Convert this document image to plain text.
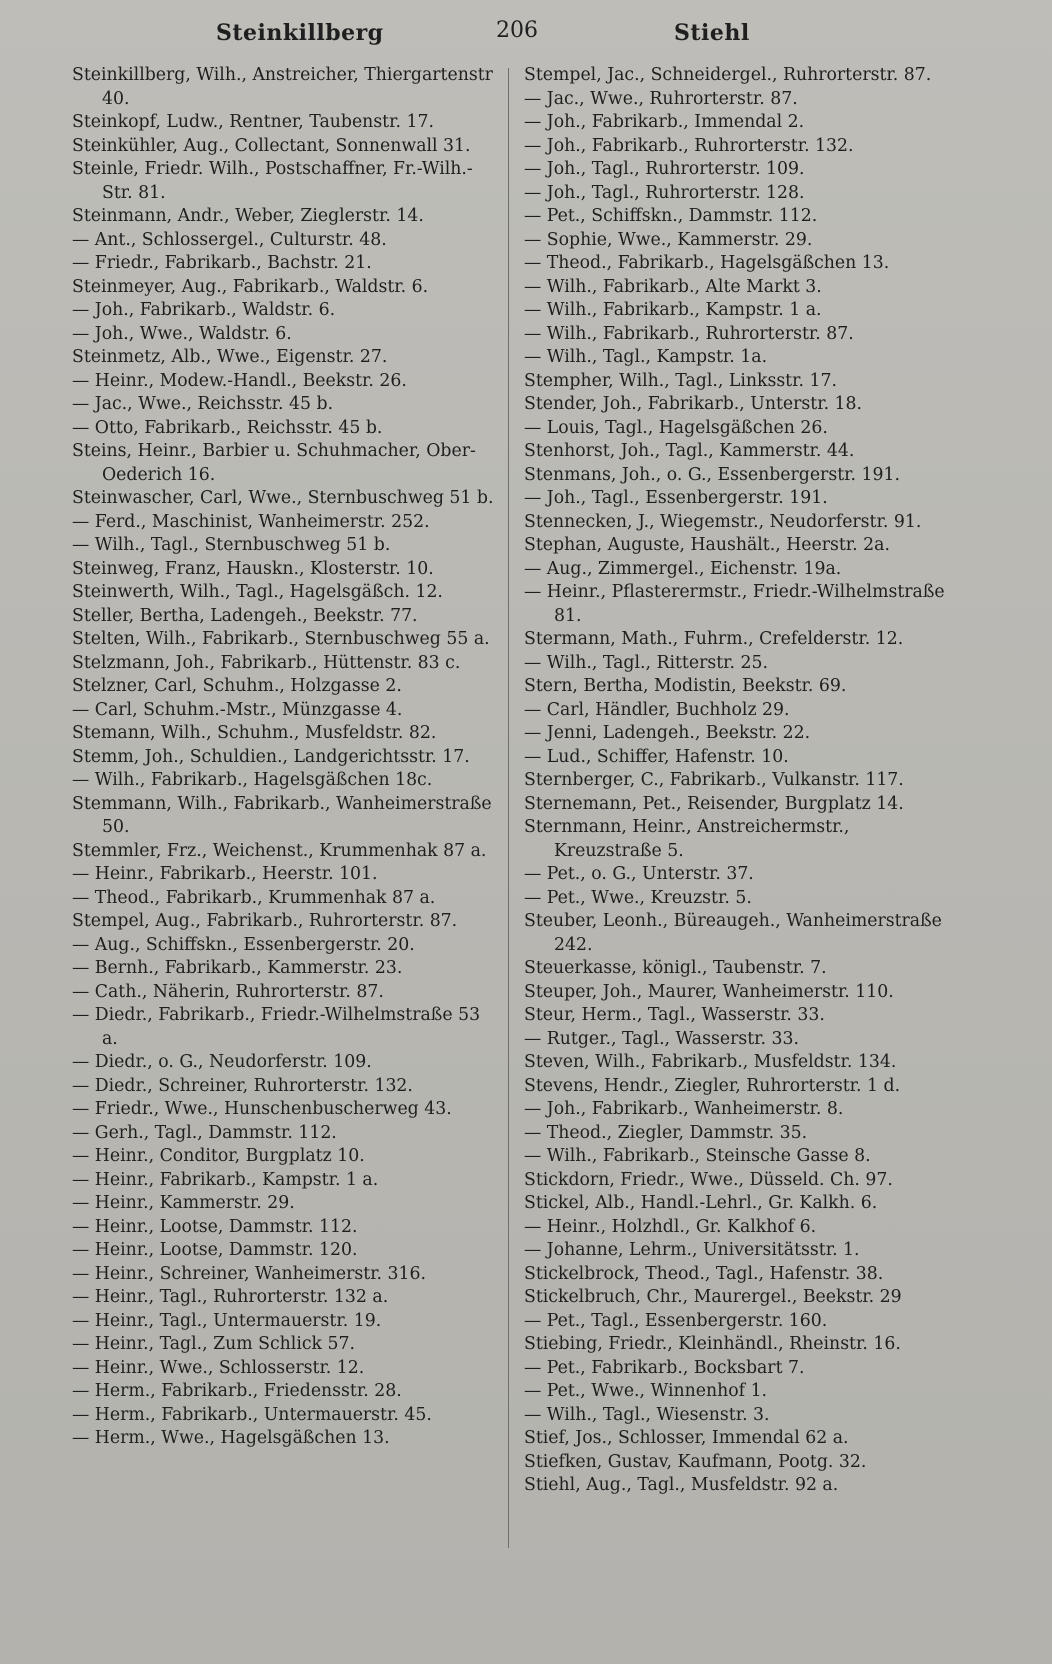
Steinkillberg	206	Stiehl
Steinkillberg, Wilh., Anstreicher, Thiergartenstr 40.
Steinkopf, Ludw., Rentner, Taubenstr. 17.
Steinkühler, Aug., Collectant, Sonnenwall 31.
Steinle, Friedr. Wilh., Postschaffner, Fr.-Wilh.-Str. 81.
Steinmann, Andr., Weber, Zieglerstr. 14.
— Ant., Schlossergel., Culturstr. 48.
— Friedr., Fabrikarb., Bachstr. 21.
Steinmeyer, Aug., Fabrikarb., Waldstr. 6.
— Joh., Fabrikarb., Waldstr. 6.
— Joh., Wwe., Waldstr. 6.
Steinmetz, Alb., Wwe., Eigenstr. 27.
— Heinr., Modew.-Handl., Beekstr. 26.
— Jac., Wwe., Reichsstr. 45 b.
— Otto, Fabrikarb., Reichsstr. 45 b.
Steins, Heinr., Barbier u. Schuhmacher, Ober-Oederich 16.
Steinwascher, Carl, Wwe., Sternbuschweg 51 b.
— Ferd., Maschinist, Wanheimerstr. 252.
— Wilh., Tagl., Sternbuschweg 51 b.
Steinweg, Franz, Hauskn., Klosterstr. 10.
Steinwerth, Wilh., Tagl., Hagelsgäßch. 12.
Steller, Bertha, Ladengeh., Beekstr. 77.
Stelten, Wilh., Fabrikarb., Sternbuschweg 55 a.
Stelzmann, Joh., Fabrikarb., Hüttenstr. 83 c.
Stelzner, Carl, Schuhm., Holzgasse 2.
— Carl, Schuhm.-Mstr., Münzgasse 4.
Stemann, Wilh., Schuhm., Musfeldstr. 82.
Stemm, Joh., Schuldien., Landgerichtsstr. 17.
— Wilh., Fabrikarb., Hagelsgäßchen 18c.
Stemmann, Wilh., Fabrikarb., Wanheimerstraße 50.
Stemmler, Frz., Weichenst., Krummenhak 87 a.
— Heinr., Fabrikarb., Heerstr. 101.
— Theod., Fabrikarb., Krummenhak 87 a.
Stempel, Aug., Fabrikarb., Ruhrorterstr. 87.
— Aug., Schiffskn., Essenbergerstr. 20.
— Bernh., Fabrikarb., Kammerstr. 23.
— Cath., Näherin, Ruhrorterstr. 87.
— Diedr., Fabrikarb., Friedr.-Wilhelmstraße 53 a.
— Diedr., o. G., Neudorferstr. 109.
— Diedr., Schreiner, Ruhrorterstr. 132.
— Friedr., Wwe., Hunschenbuscherweg 43.
— Gerh., Tagl., Dammstr. 112.
— Heinr., Conditor, Burgplatz 10.
— Heinr., Fabrikarb., Kampstr. 1 a.
— Heinr., Kammerstr. 29.
— Heinr., Lootse, Dammstr. 112.
— Heinr., Lootse, Dammstr. 120.
— Heinr., Schreiner, Wanheimerstr. 316.
— Heinr., Tagl., Ruhrorterstr. 132 a.
— Heinr., Tagl., Untermauerstr. 19.
— Heinr., Tagl., Zum Schlick 57.
— Heinr., Wwe., Schlosserstr. 12.
— Herm., Fabrikarb., Friedensstr. 28.
— Herm., Fabrikarb., Untermauerstr. 45.
— Herm., Wwe., Hagelsgäßchen 13.
Stempel, Jac., Schneidergel., Ruhrorterstr. 87.
— Jac., Wwe., Ruhrorterstr. 87.
— Joh., Fabrikarb., Immendal 2.
— Joh., Fabrikarb., Ruhrorterstr. 132.
— Joh., Tagl., Ruhrorterstr. 109.
— Joh., Tagl., Ruhrorterstr. 128.
— Pet., Schiffskn., Dammstr. 112.
— Sophie, Wwe., Kammerstr. 29.
— Theod., Fabrikarb., Hagelsgäßchen 13.
— Wilh., Fabrikarb., Alte Markt 3.
— Wilh., Fabrikarb., Kampstr. 1 a.
— Wilh., Fabrikarb., Ruhrorterstr. 87.
— Wilh., Tagl., Kampstr. 1a.
Stempher, Wilh., Tagl., Linksstr. 17.
Stender, Joh., Fabrikarb., Unterstr. 18.
— Louis, Tagl., Hagelsgäßchen 26.
Stenhorst, Joh., Tagl., Kammerstr. 44.
Stenmans, Joh., o. G., Essenbergerstr. 191.
— Joh., Tagl., Essenbergerstr. 191.
Stennecken, J., Wiegemstr., Neudorferstr. 91.
Stephan, Auguste, Haushält., Heerstr. 2a.
— Aug., Zimmergel., Eichenstr. 19a.
— Heinr., Pflasterermstr., Friedr.-Wilhelmstraße 81.
Stermann, Math., Fuhrm., Crefelderstr. 12.
— Wilh., Tagl., Ritterstr. 25.
Stern, Bertha, Modistin, Beekstr. 69.
— Carl, Händler, Buchholz 29.
— Jenni, Ladengeh., Beekstr. 22.
— Lud., Schiffer, Hafenstr. 10.
Sternberger, C., Fabrikarb., Vulkanstr. 117.
Sternemann, Pet., Reisender, Burgplatz 14.
Sternmann, Heinr., Anstreichermstr., Kreuzstraße 5.
— Pet., o. G., Unterstr. 37.
— Pet., Wwe., Kreuzstr. 5.
Steuber, Leonh., Büreaugeh., Wanheimerstraße 242.
Steuerkasse, königl., Taubenstr. 7.
Steuper, Joh., Maurer, Wanheimerstr. 110.
Steur, Herm., Tagl., Wasserstr. 33.
— Rutger., Tagl., Wasserstr. 33.
Steven, Wilh., Fabrikarb., Musfeldstr. 134.
Stevens, Hendr., Ziegler, Ruhrorterstr. 1 d.
— Joh., Fabrikarb., Wanheimerstr. 8.
— Theod., Ziegler, Dammstr. 35.
— Wilh., Fabrikarb., Steinsche Gasse 8.
Stickdorn, Friedr., Wwe., Düsseld. Ch. 97.
Stickel, Alb., Handl.-Lehrl., Gr. Kalkh. 6.
— Heinr., Holzhdl., Gr. Kalkhof 6.
— Johanne, Lehrm., Universitätsstr. 1.
Stickelbrock, Theod., Tagl., Hafenstr. 38.
Stickelbruch, Chr., Maurergel., Beekstr. 29
— Pet., Tagl., Essenbergerstr. 160.
Stiebing, Friedr., Kleinhändl., Rheinstr. 16.
— Pet., Fabrikarb., Bocksbart 7.
— Pet., Wwe., Winnenhof 1.
— Wilh., Tagl., Wiesenstr. 3.
Stief, Jos., Schlosser, Immendal 62 a.
Stiefken, Gustav, Kaufmann, Pootg. 32.
Stiehl, Aug., Tagl., Musfeldstr. 92 a.
